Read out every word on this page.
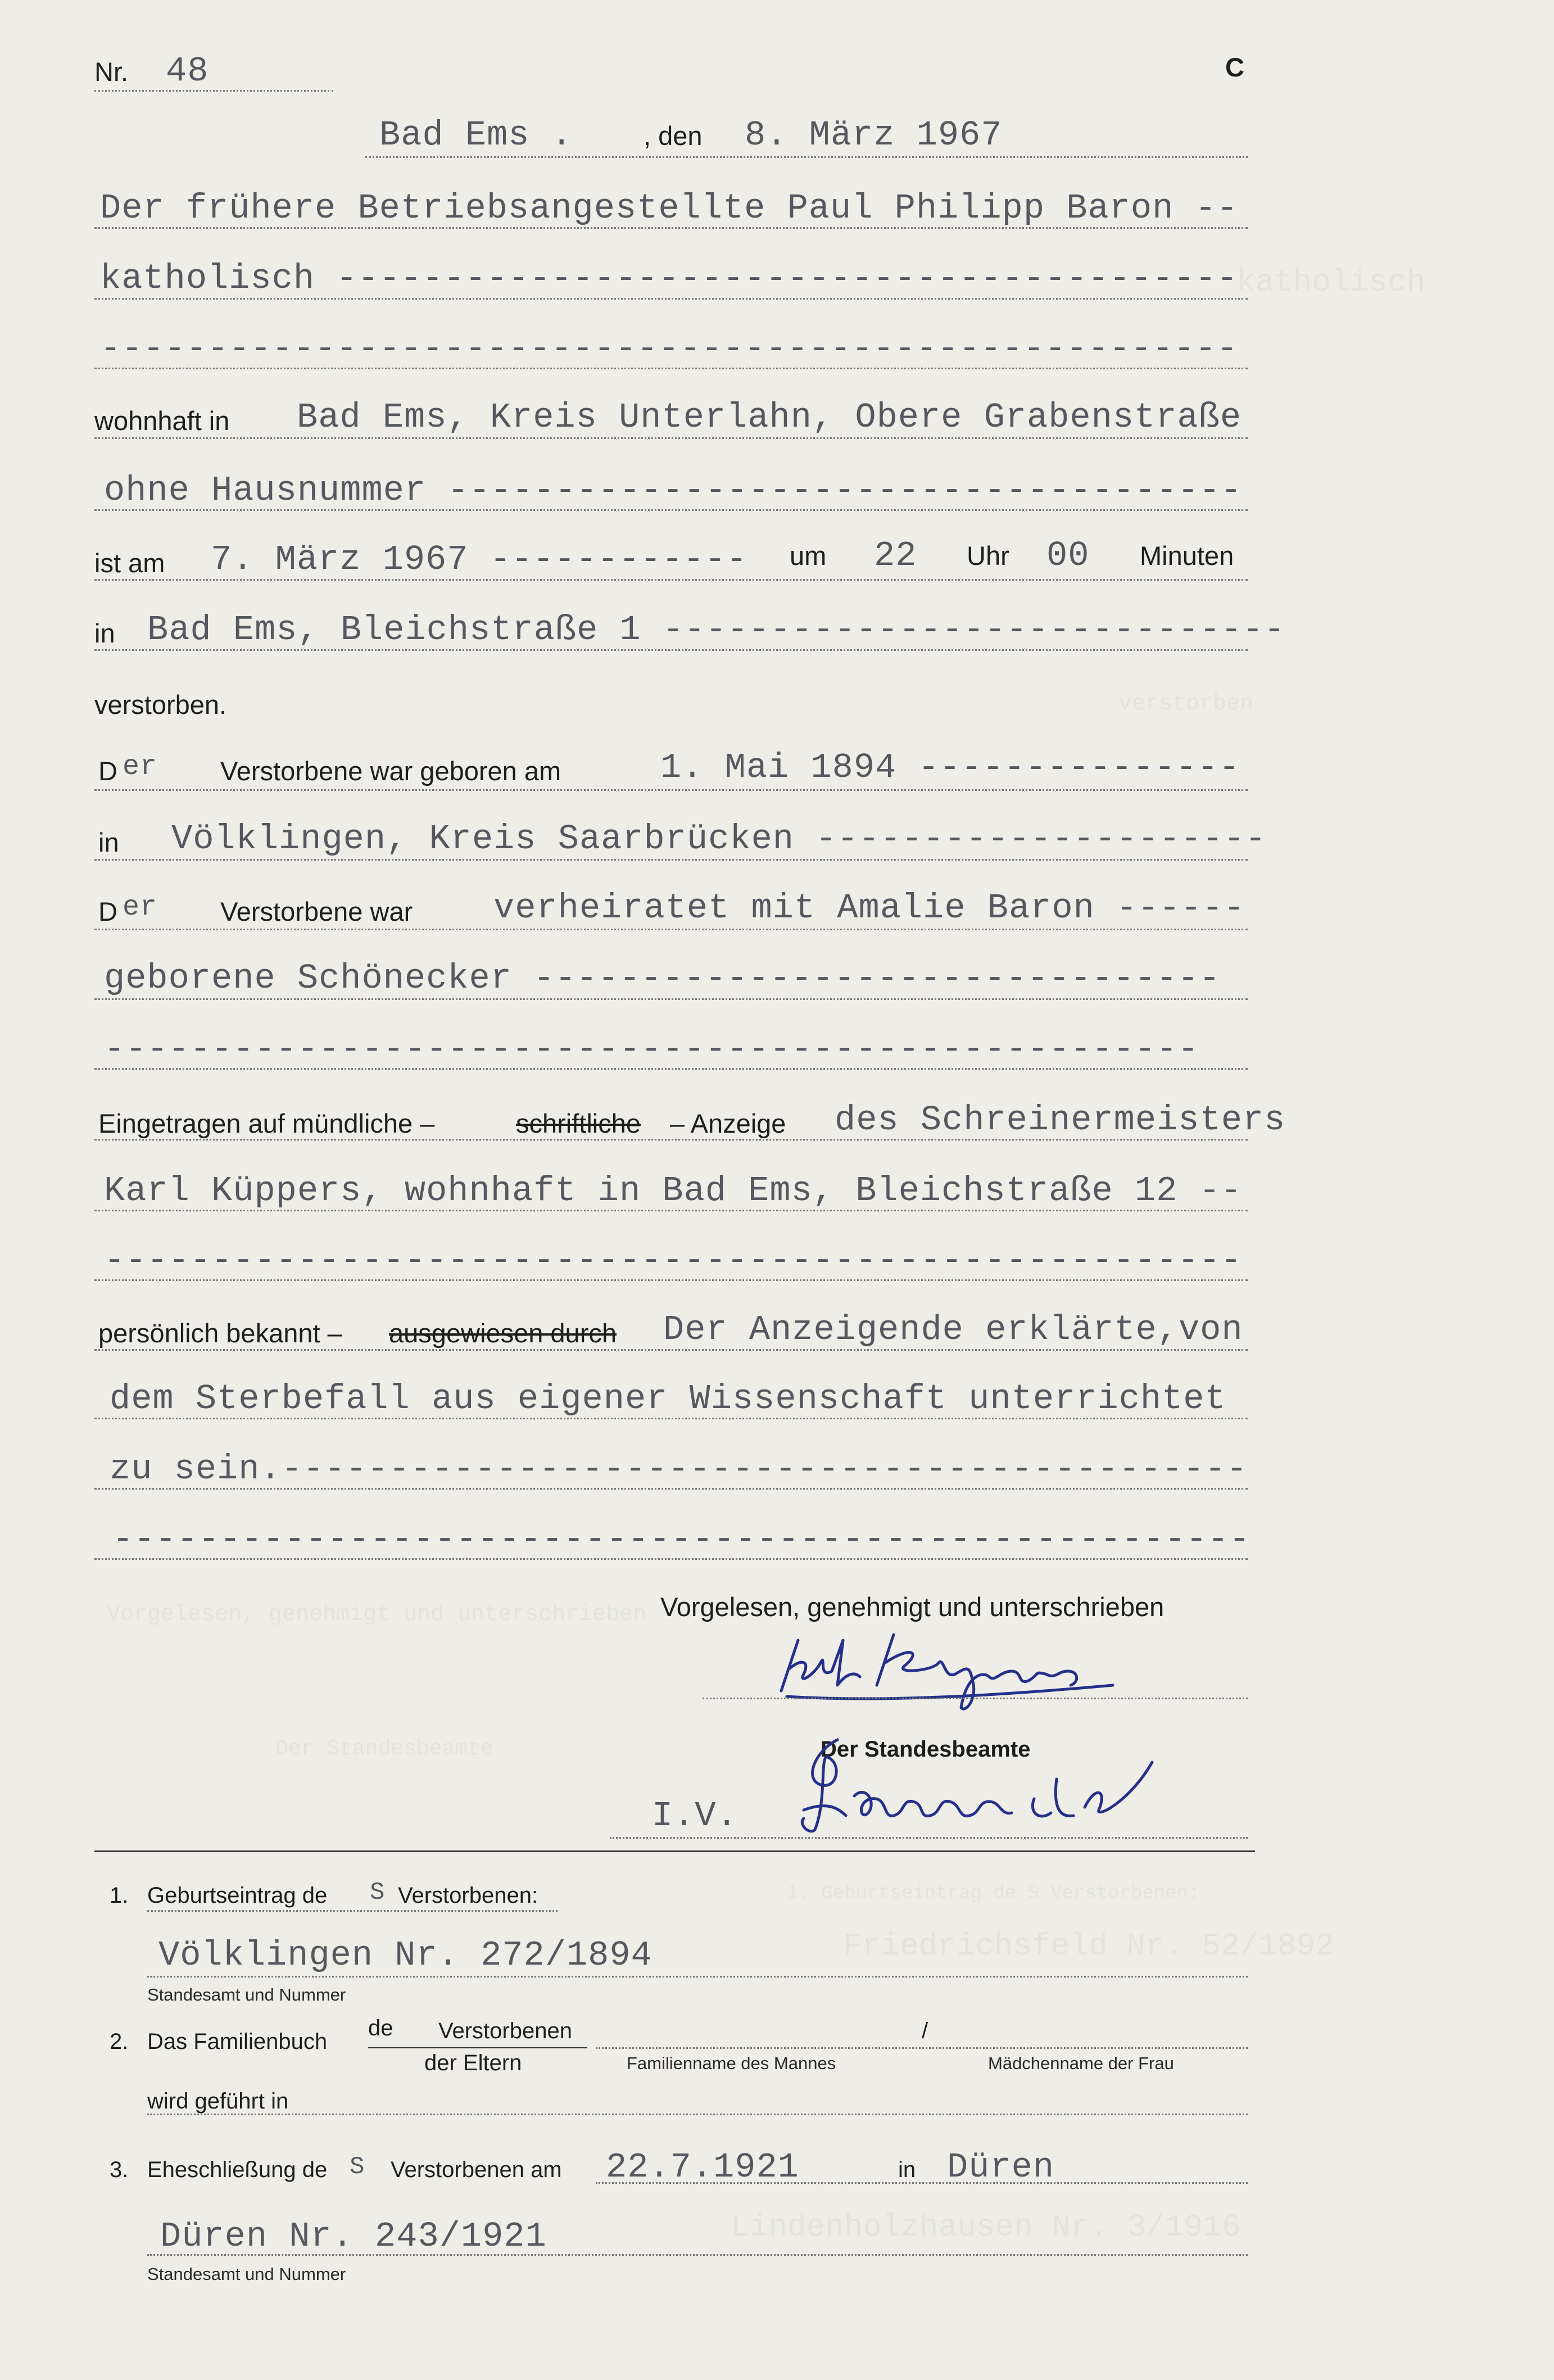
katholisch
verstorben
Vorgelesen, genehmigt und unterschrieben
Der Standesbeamte
1. Geburtseintrag de S Verstorbenen:
Friedrichsfeld Nr. 52/1892
Lindenholzhausen Nr. 3/1916
Nr. 48	C
Bad Ems .	, den 8. März 1967
Der frühere Betriebsangestellte Paul Philipp Baron --
katholisch ------------------------------------------
-----------------------------------------------------
wohnhaft in Bad Ems, Kreis Unterlahn, Obere Grabenstraße
ohne Hausnummer -------------------------------------
ist am 7. März 1967 ------------ um 22 Uhr 00 Minuten
in Bad Ems, Bleichstraße 1 -----------------------------
verstorben.
D er Verstorbene war geboren am	1. Mai 1894 ---------------
in Völklingen, Kreis Saarbrücken ---------------------
D er Verstorbene war verheiratet mit Amalie Baron ------
geborene Schönecker --------------------------------
---------------------------------------------------
Eingetragen auf mündliche –	schriftliche – Anzeige des Schreinermeisters
Karl Küppers, wohnhaft in Bad Ems, Bleichstraße 12 --
-----------------------------------------------------
persönlich bekannt – ausgewiesen durch Der Anzeigende erklärte,von
dem Sterbefall aus eigener Wissenschaft unterrichtet
zu sein.---------------------------------------------
-----------------------------------------------------
Vorgelesen, genehmigt und unterschrieben
Der Standesbeamte
I.V.
1. Geburtseintrag de S Verstorbenen:
Völklingen Nr. 272/1894
Standesamt und Nummer
2. Das Familienbuch
de Verstorbenen
der Eltern
/
Familienname des Mannes	Mädchenname der Frau
wird geführt in
3. Eheschließung de S Verstorbenen am 22.7.1921	in Düren
Düren Nr. 243/1921
Standesamt und Nummer
